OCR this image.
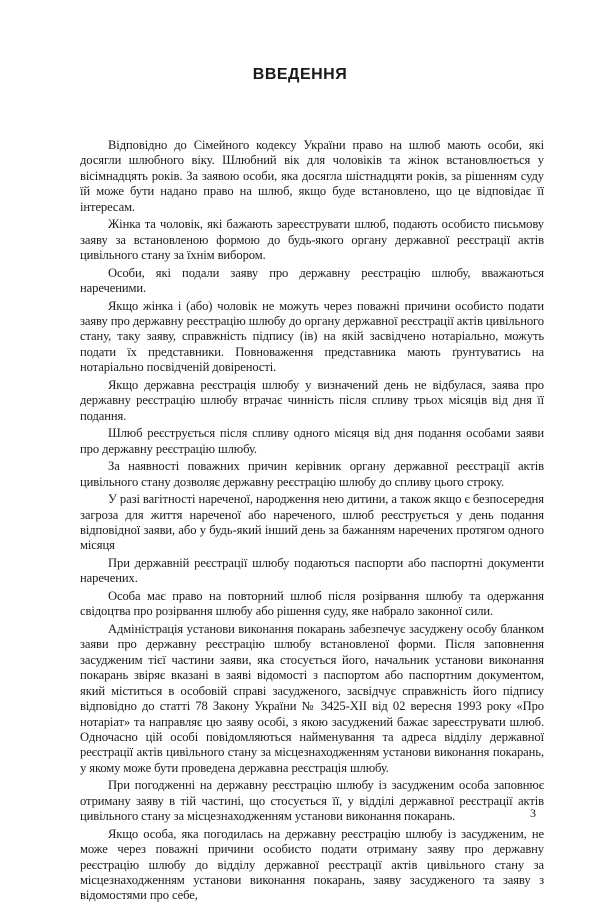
ВВЕДЕННЯ

Відповідно до Сімейного кодексу України право на шлюб мають особи, які досягли шлюбного віку. Шлюбний вік для чоловіків та жінок встановлюється у вісімнадцять років. За заявою особи, яка досягла шістнадцяти років, за рішенням суду їй може бути надано право на шлюб, якщо буде встановлено, що це відповідає її інтересам.

Жінка та чоловік, які бажають зареєструвати шлюб, подають особисто письмову заяву за встановленою формою до будь-якого органу державної реєстрації актів цивільного стану за їхнім вибором.

Особи, які подали заяву про державну реєстрацію шлюбу, вважаються нареченими.

Якщо жінка і (або) чоловік не можуть через поважні причини особисто подати заяву про державну реєстрацію шлюбу до органу державної реєстрації актів цивільного стану, таку заяву, справжність підпису (ів) на якій засвідчено нотаріально, можуть подати їх представники. Повноваження представника мають ґрунтуватись на нотаріально посвідченій довіреності.

Якщо державна реєстрація шлюбу у визначений день не відбулася, заява про державну реєстрацію шлюбу втрачає чинність після спливу трьох місяців від дня її подання.

Шлюб реєструється після спливу одного місяця від дня подання особами заяви про державну реєстрацію шлюбу.

За наявності поважних причин керівник органу державної реєстрації актів цивільного стану дозволяє державну реєстрацію шлюбу до спливу цього строку.

У разі вагітності нареченої, народження нею дитини, а також якщо є безпосередня загроза для життя нареченої або нареченого, шлюб реєструється у день подання відповідної заяви, або у будь-який інший день за бажанням наречених протягом одного місяця

При державній реєстрації шлюбу подаються паспорти або паспортні документи наречених.

Особа має право на повторний шлюб після розірвання шлюбу та одержання свідоцтва про розірвання шлюбу або рішення суду, яке набрало законної сили.

Адміністрація установи виконання покарань забезпечує засуджену особу бланком заяви про державну реєстрацію шлюбу встановленої форми. Після заповнення засудженим тієї частини заяви, яка стосується його, начальник установи виконання покарань звіряє вказані в заяві відомості з паспортом або паспортним документом, який міститься в особовій справі засудженого, засвідчує справжність його підпису відповідно до статті 78 Закону України № 3425-XII від 02 вересня 1993 року «Про нотаріат» та направляє цю заяву особі, з якою засуджений бажає зареєструвати шлюб. Одночасно цій особі повідомляються найменування та адреса відділу державної реєстрації актів цивільного стану за місцезнаходженням установи виконання покарань, у якому може бути проведена державна реєстрація шлюбу.

При погодженні на державну реєстрацію шлюбу із засудженим особа заповнює отриману заяву в тій частині, що стосується її, у відділі державної реєстрації актів цивільного стану за місцезнаходженням установи виконання покарань.

Якщо особа, яка погодилась на державну реєстрацію шлюбу із засудженим, не може через поважні причини особисто подати отриману заяву про державну реєстрацію шлюбу до відділу державної реєстрації актів цивільного стану за місцезнаходженням установи виконання покарань, заяву засудженого та заяву з відомостями про себе,

3
